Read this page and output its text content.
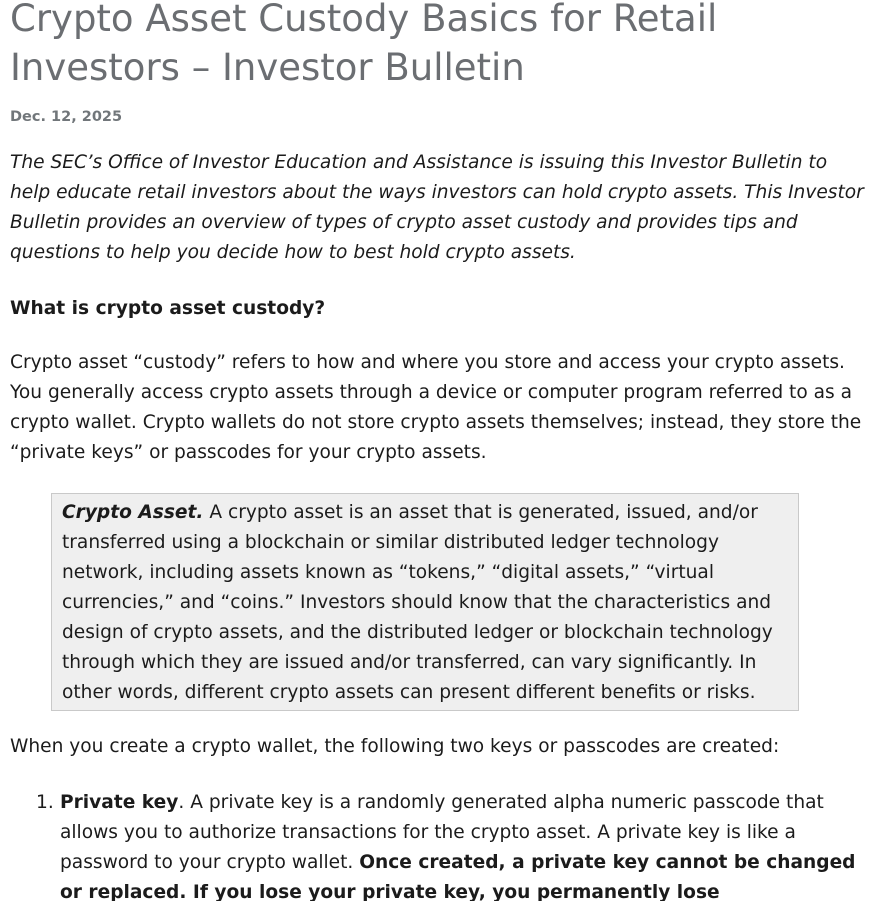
Crypto Asset Custody Basics for Retail Investors – Investor Bulletin

Dec. 12, 2025

The SEC’s Office of Investor Education and Assistance is issuing this Investor Bulletin to help educate retail investors about the ways investors can hold crypto assets. This Investor Bulletin provides an overview of types of crypto asset custody and provides tips and questions to help you decide how to best hold crypto assets.

What is crypto asset custody?

Crypto asset “custody” refers to how and where you store and access your crypto assets. You generally access crypto assets through a device or computer program referred to as a crypto wallet. Crypto wallets do not store crypto assets themselves; instead, they store the “private keys” or passcodes for your crypto assets.

Crypto Asset. A crypto asset is an asset that is generated, issued, and/or transferred using a blockchain or similar distributed ledger technology network, including assets known as “tokens,” “digital assets,” “virtual currencies,” and “coins.” Investors should know that the characteristics and design of crypto assets, and the distributed ledger or blockchain technology through which they are issued and/or transferred, can vary significantly. In other words, different crypto assets can present different benefits or risks.

When you create a crypto wallet, the following two keys or passcodes are created:

1. Private key. A private key is a randomly generated alpha numeric passcode that allows you to authorize transactions for the crypto asset. A private key is like a password to your crypto wallet. Once created, a private key cannot be changed or replaced. If you lose your private key, you permanently lose
